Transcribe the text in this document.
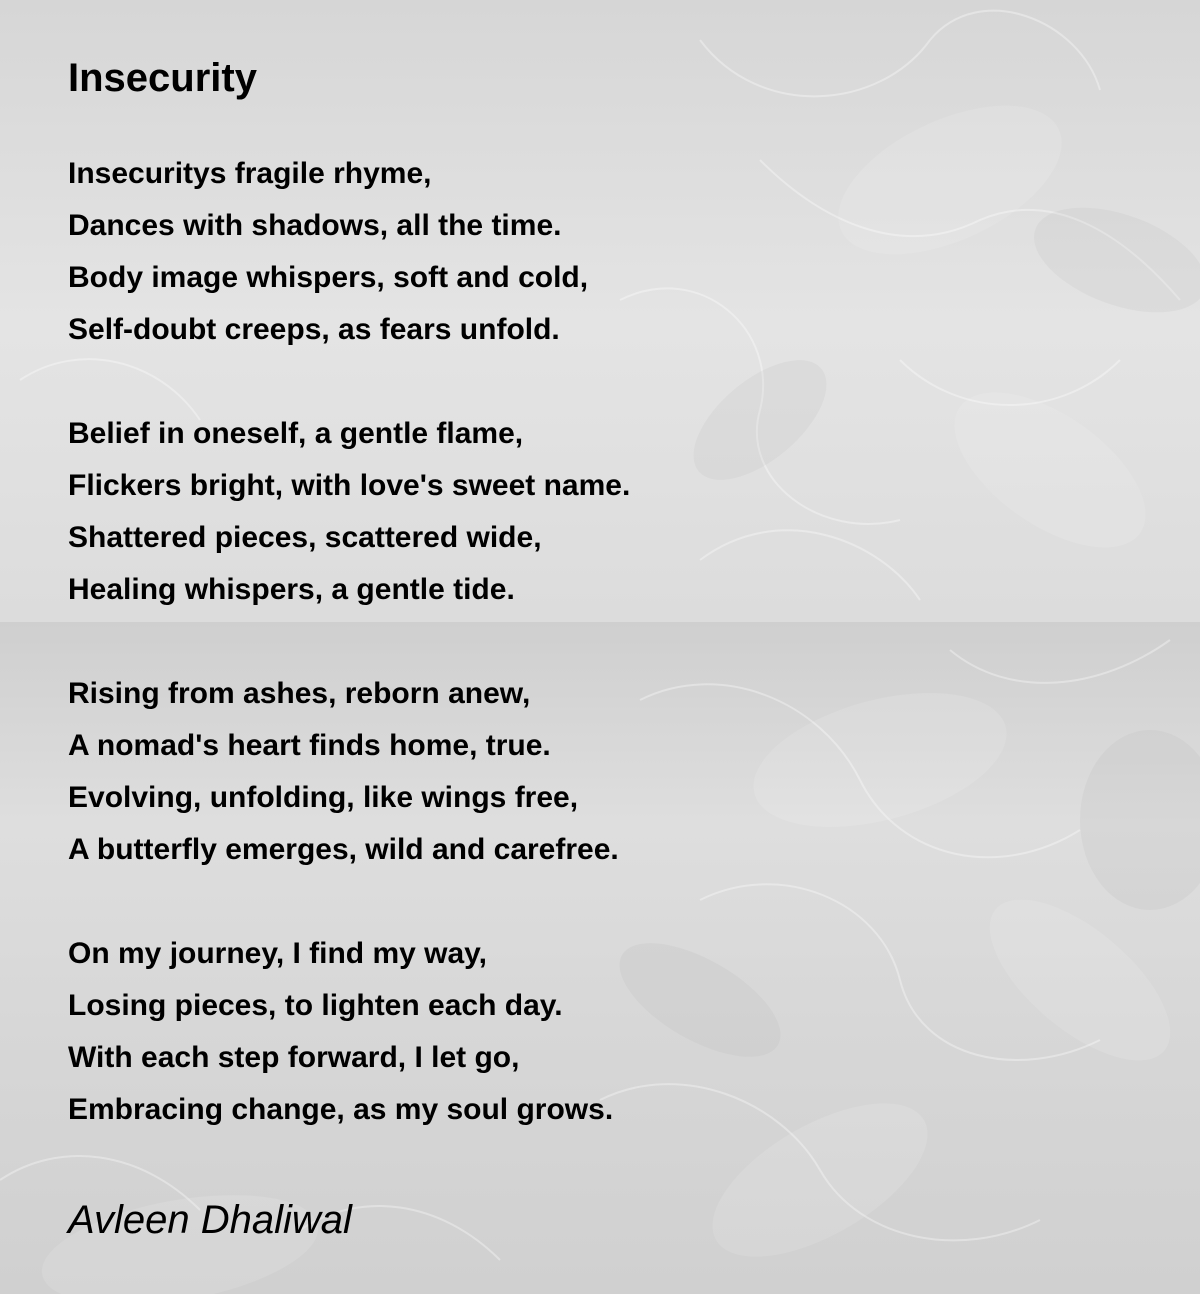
Insecurity
Insecuritys fragile rhyme,
Dances with shadows, all the time.
Body image whispers, soft and cold,
Self-doubt creeps, as fears unfold.
Belief in oneself, a gentle flame,
Flickers bright, with love's sweet name.
Shattered pieces, scattered wide,
Healing whispers, a gentle tide.
Rising from ashes, reborn anew,
A nomad's heart finds home, true.
Evolving, unfolding, like wings free,
A butterfly emerges, wild and carefree.
On my journey, I find my way,
Losing pieces, to lighten each day.
With each step forward, I let go,
Embracing change, as my soul grows.

Avleen Dhaliwal
